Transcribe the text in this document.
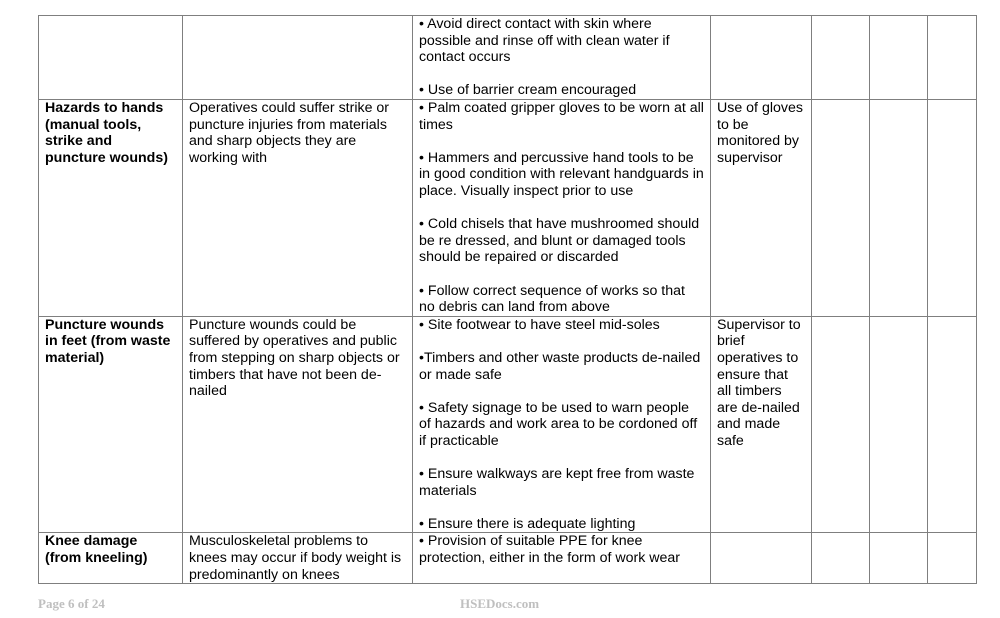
		• Avoid direct contact with skin where possible and rinse off with clean water if contact occurs
• Use of barrier cream encouraged				

Hazards to hands (manual tools, strike and puncture wounds)	Operatives could suffer strike or puncture injuries from materials and sharp objects they are working with	• Palm coated gripper gloves to be worn at all times
• Hammers and percussive hand tools to be in good condition with relevant handguards in place. Visually inspect prior to use
• Cold chisels that have mushroomed should be re dressed, and blunt or damaged tools should be repaired or discarded
• Follow correct sequence of works so that no debris can land from above	Use of gloves to be monitored by supervisor			
Puncture wounds in feet (from waste material)	Puncture wounds could be suffered by operatives and public from stepping on sharp objects or timbers that have not been de-nailed	• Site footwear to have steel mid-soles
•Timbers and other waste products de-nailed or made safe
• Safety signage to be used to warn people of hazards and work area to be cordoned off if practicable
• Ensure walkways are kept free from waste materials
• Ensure there is adequate lighting	Supervisor to brief operatives to ensure that all timbers are de-nailed and made safe			
Knee damage (from kneeling)	Musculoskeletal problems to knees may occur if body weight is predominantly on knees	• Provision of suitable PPE for knee protection, either in the form of work wear				

Page 6 of 24	HSEDocs.com
